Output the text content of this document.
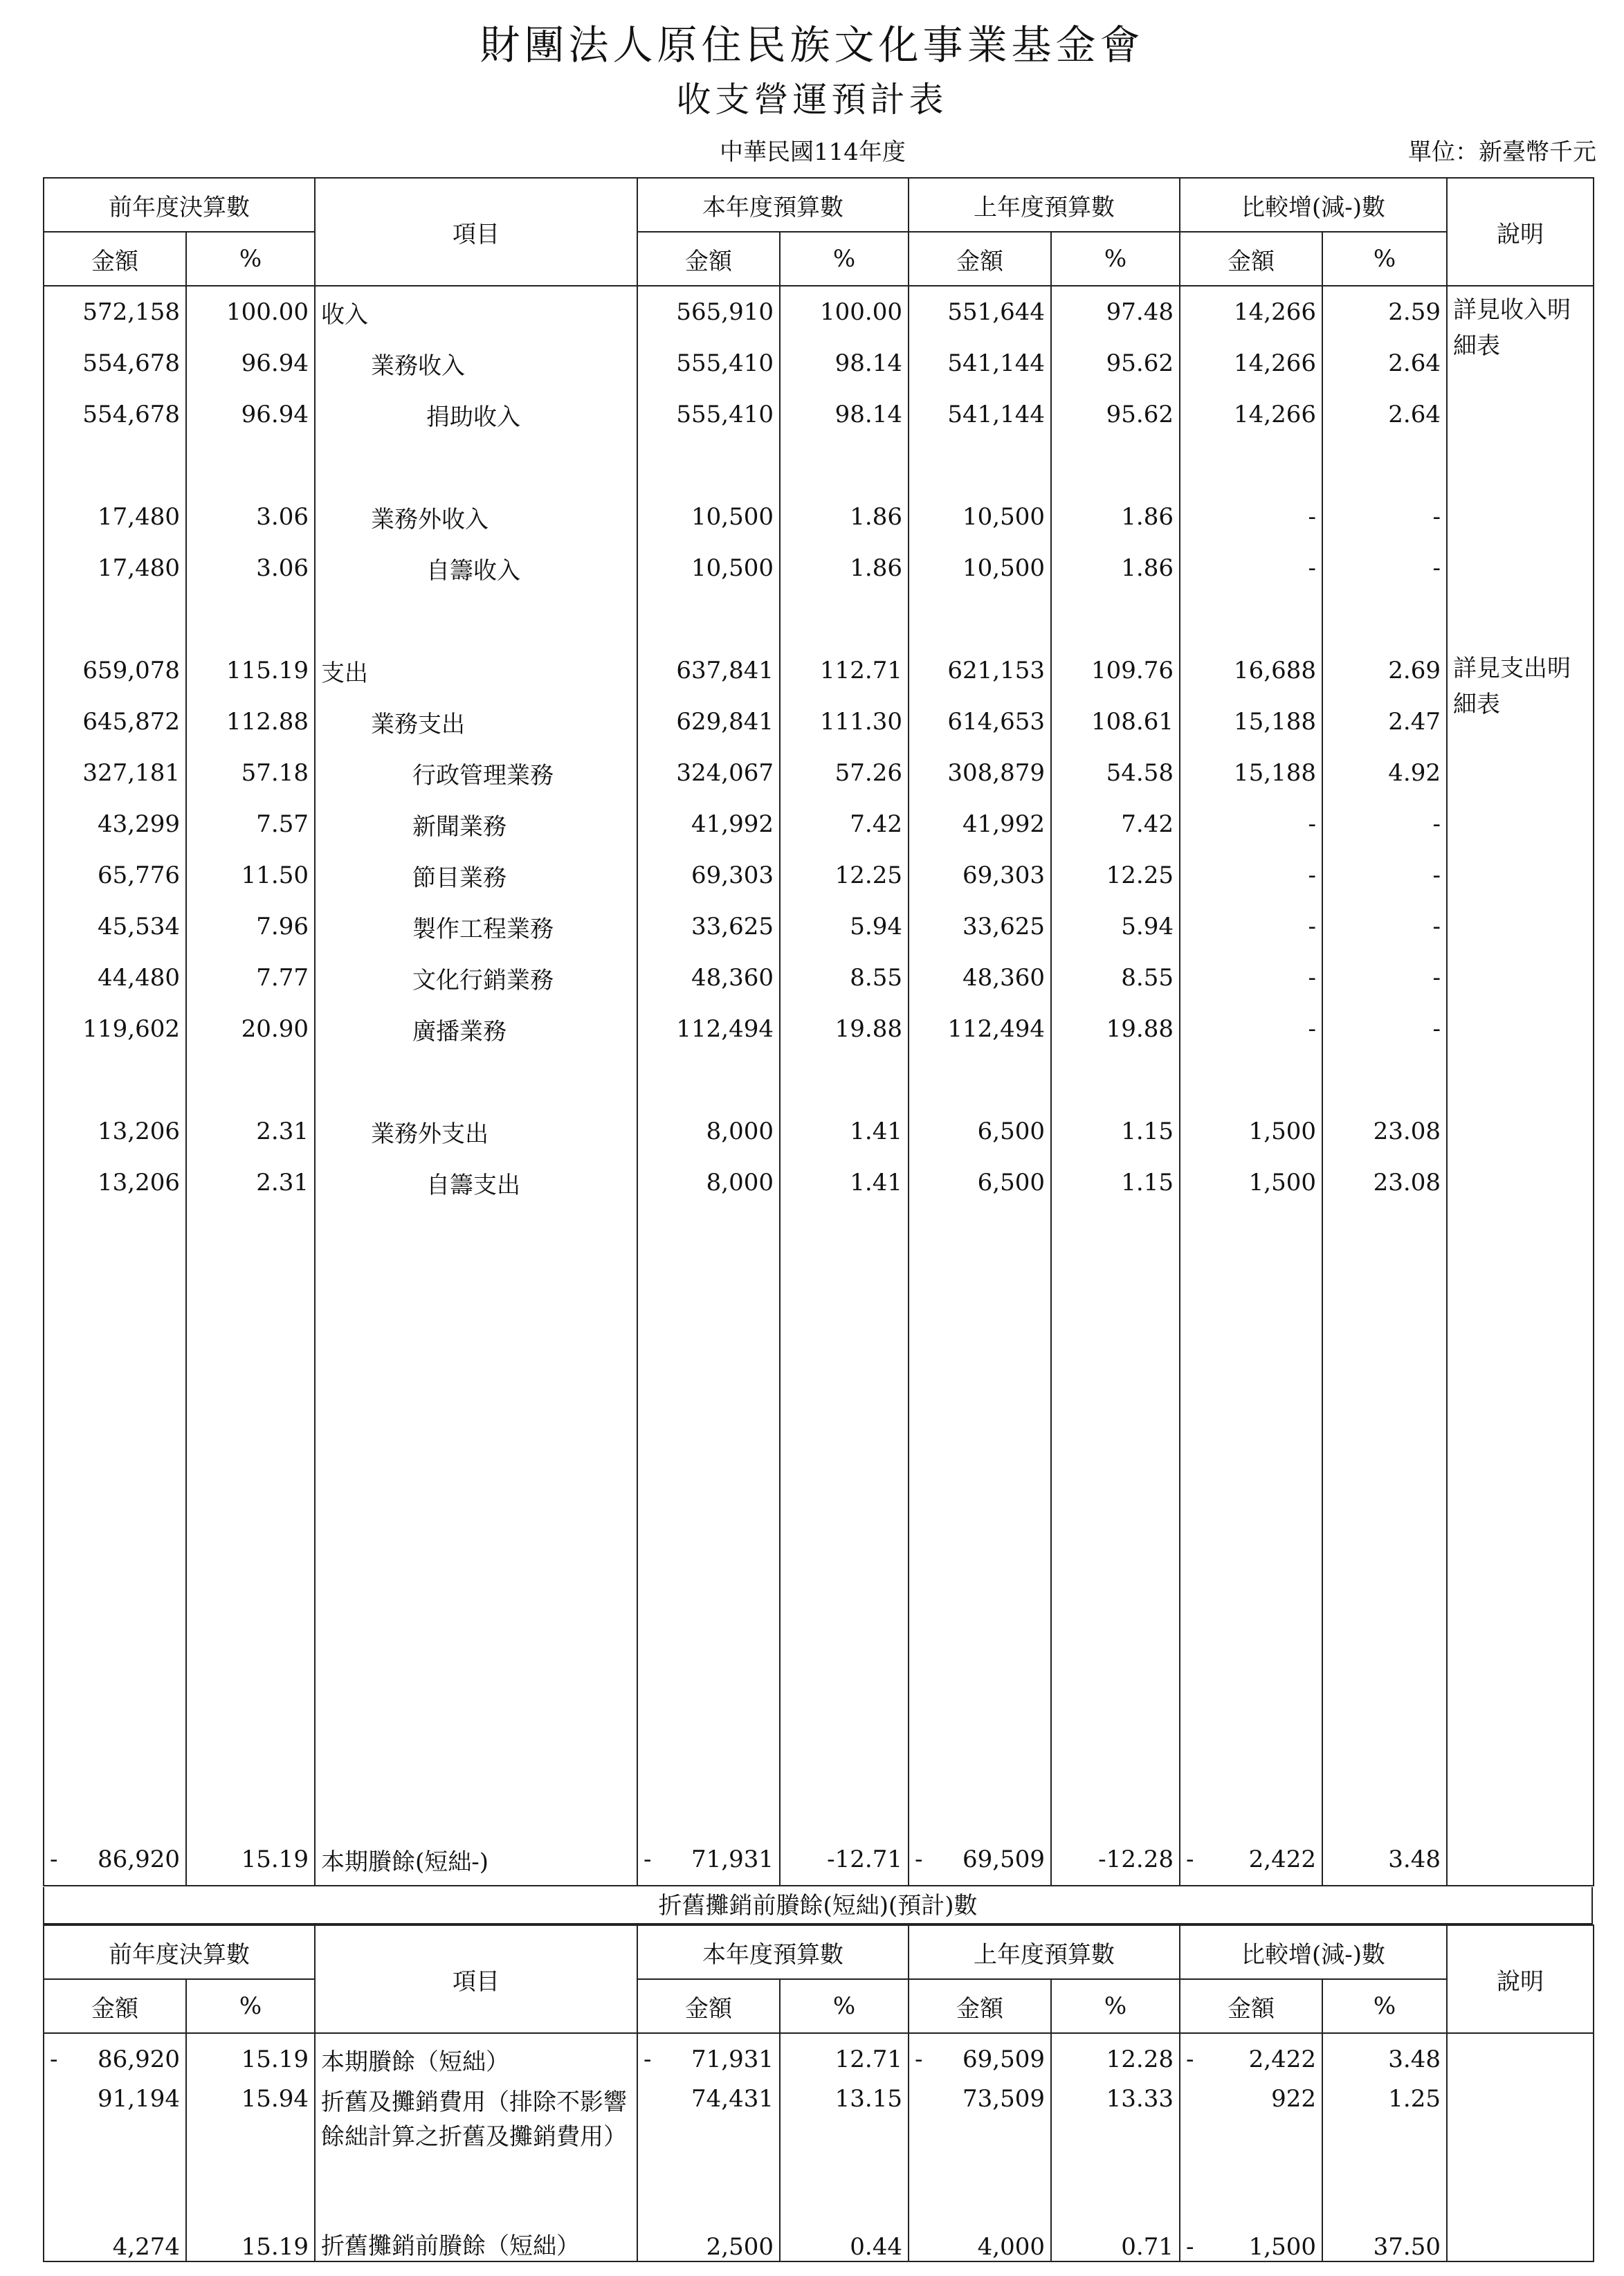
財團法人原住民族文化事業基金會
收支營運預計表
中華民國114年度	單位：新臺幣千元
前年度決算數		項目	本年度預算數		上年度預算數		比較增(減-)數		說明
金額	%		金額	%	金額	%	金額	%	
572,158	100.00	收入	565,910	100.00	551,644	97.48	14,266	2.59	詳見收入明細表
554,678	96.94	業務收入	555,410	98.14	541,144	95.62	14,266	2.64	
554,678	96.94	捐助收入	555,410	98.14	541,144	95.62	14,266	2.64	

17,480	3.06	業務外收入	10,500	1.86	10,500	1.86	-	-	
17,480	3.06	自籌收入	10,500	1.86	10,500	1.86	-	-	

659,078	115.19	支出	637,841	112.71	621,153	109.76	16,688	2.69	詳見支出明細表
645,872	112.88	業務支出	629,841	111.30	614,653	108.61	15,188	2.47	
327,181	57.18	行政管理業務	324,067	57.26	308,879	54.58	15,188	4.92	
43,299	7.57	新聞業務	41,992	7.42	41,992	7.42	-	-	
65,776	11.50	節目業務	69,303	12.25	69,303	12.25	-	-	
45,534	7.96	製作工程業務	33,625	5.94	33,625	5.94	-	-	
44,480	7.77	文化行銷業務	48,360	8.55	48,360	8.55	-	-	
119,602	20.90	廣播業務	112,494	19.88	112,494	19.88	-	-	

13,206	2.31	業務外支出	8,000	1.41	6,500	1.15	1,500	23.08	
13,206	2.31	自籌支出	8,000	1.41	6,500	1.15	1,500	23.08	

- 86,920	15.19	本期賸餘(短絀-)	- 71,931	-12.71	- 69,509	-12.28	- 2,422	3.48	
折舊攤銷前賸餘(短絀)(預計)數
前年度決算數		項目	本年度預算數		上年度預算數		比較增(減-)數		說明
金額	%		金額	%	金額	%	金額	%	

- 86,920	15.19	本期賸餘（短絀）	- 71,931	12.71	- 69,509	12.28	- 2,422	3.48	
91,194	15.94	折舊及攤銷費用（排除不影響餘絀計算之折舊及攤銷費用）	74,431	13.15	73,509	13.33	922	1.25	
4,274	15.19	折舊攤銷前賸餘（短絀）	2,500	0.44	4,000	0.71	- 1,500	37.50	
